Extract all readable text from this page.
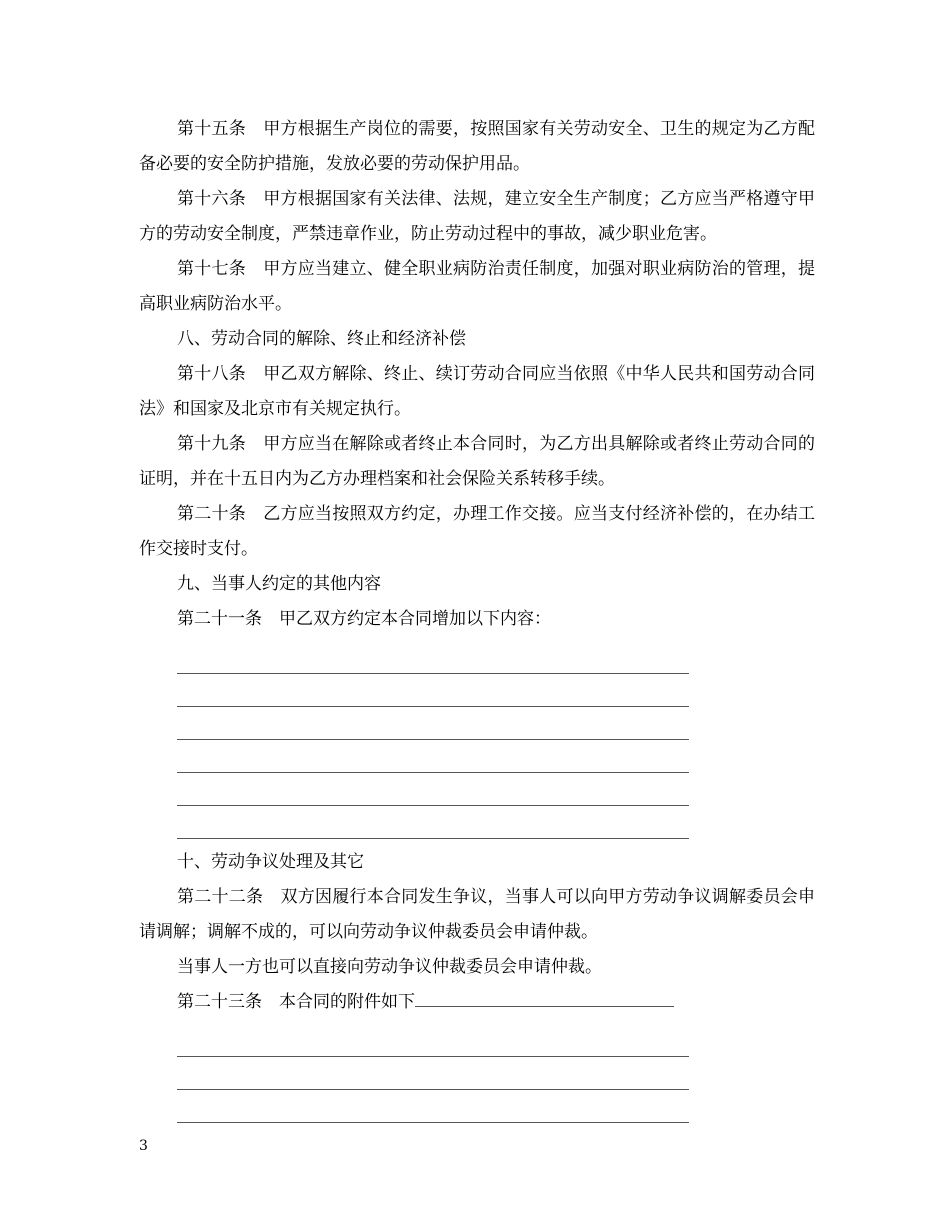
第十五条　甲方根据生产岗位的需要，按照国家有关劳动安全、卫生的规定为乙方配备必要的安全防护措施，发放必要的劳动保护用品。

第十六条　甲方根据国家有关法律、法规，建立安全生产制度；乙方应当严格遵守甲方的劳动安全制度，严禁违章作业，防止劳动过程中的事故，减少职业危害。

第十七条　甲方应当建立、健全职业病防治责任制度，加强对职业病防治的管理，提高职业病防治水平。

八、劳动合同的解除、终止和经济补偿

第十八条　甲乙双方解除、终止、续订劳动合同应当依照《中华人民共和国劳动合同法》和国家及北京市有关规定执行。

第十九条　甲方应当在解除或者终止本合同时，为乙方出具解除或者终止劳动合同的证明，并在十五日内为乙方办理档案和社会保险关系转移手续。

第二十条　乙方应当按照双方约定，办理工作交接。应当支付经济补偿的，在办结工作交接时支付。

九、当事人约定的其他内容

第二十一条　甲乙双方约定本合同增加以下内容：

十、劳动争议处理及其它

第二十二条　双方因履行本合同发生争议，当事人可以向甲方劳动争议调解委员会申请调解；调解不成的，可以向劳动争议仲裁委员会申请仲裁。

当事人一方也可以直接向劳动争议仲裁委员会申请仲裁。

第二十三条　本合同的附件如下

3
